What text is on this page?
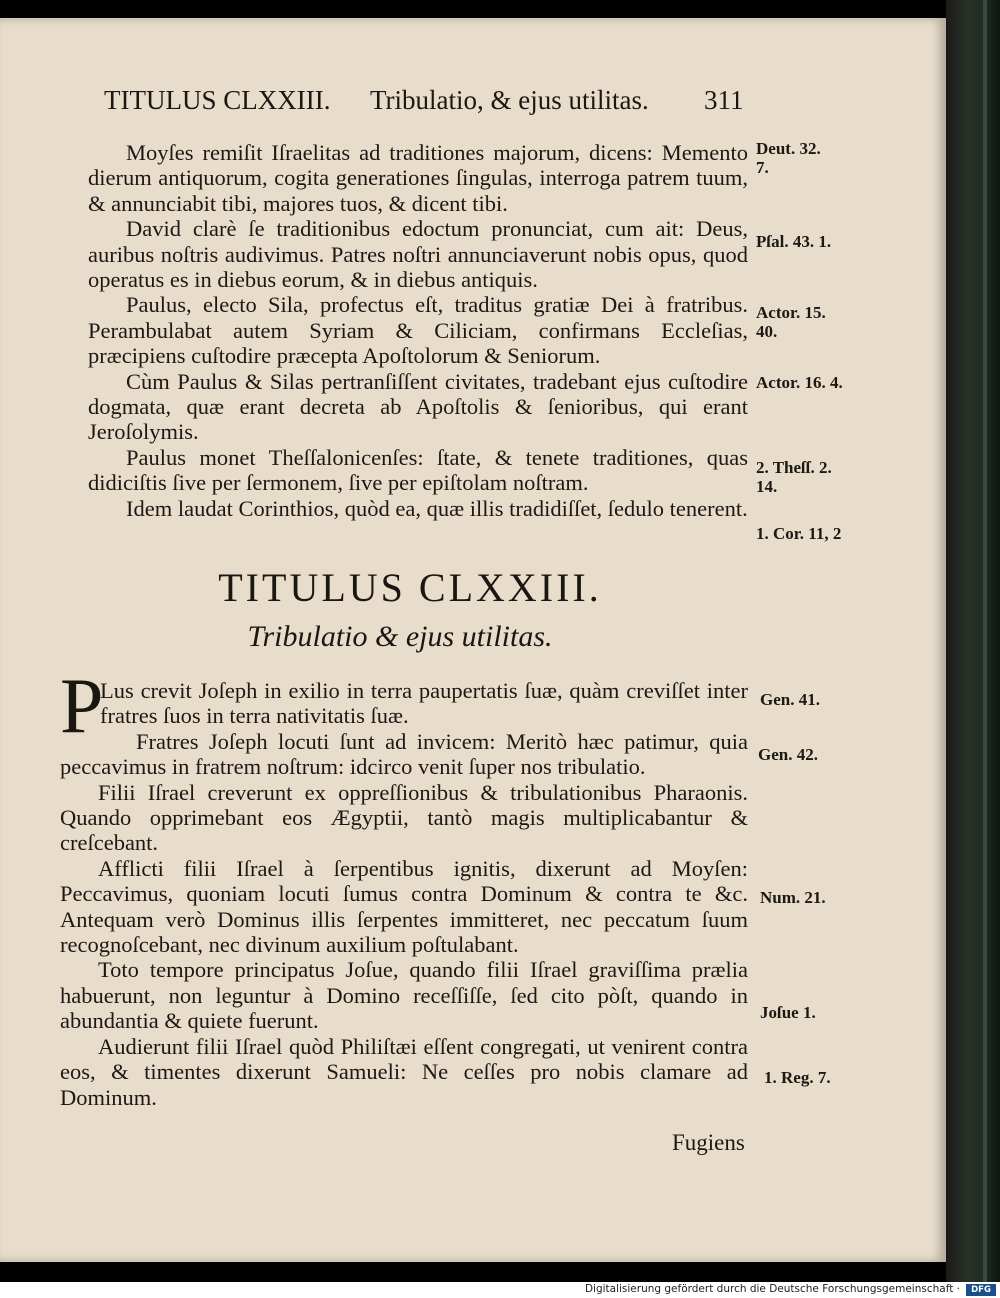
TITULUS CLXXIII. Tribulatio, & ejus utilitas. 311

Moyſes remiſit Iſraelitas ad traditiones majorum, dicens: Memento dierum antiquorum, cogita generationes ſingulas, interroga patrem tuum, & annunciabit tibi, majores tuos, & dicent tibi.

David clarè ſe traditionibus edoctum pronunciat, cum ait: Deus, auribus noſtris audivimus. Patres noſtri annunciaverunt nobis opus, quod operatus es in diebus eorum, & in diebus antiquis.

Paulus, electo Sila, profectus eſt, traditus gratiæ Dei à fratribus. Perambulabat autem Syriam & Ciliciam, confirmans Eccleſias, præcipiens cuſtodire præcepta Apoſtolorum & Seniorum.

Cùm Paulus & Silas pertranſiſſent civitates, tradebant ejus cuſtodire dogmata, quæ erant decreta ab Apoſtolis & ſenioribus, qui erant Jeroſolymis.

Paulus monet Theſſalonicenſes: ſtate, & tenete traditiones, quas didiciſtis ſive per ſermonem, ſive per epiſtolam noſtram.

Idem laudat Corinthios, quòd ea, quæ illis tradidiſſet, ſedulo tenerent.

Deut. 32. 7.
Pſal. 43. 1.
Actor. 15. 40.
Actor. 16. 4.
2. Theſſ. 2. 14.
1. Cor. 11, 2
TITULUS CLXXIII.
Tribulatio & ejus utilitas.
P

Lus crevit Joſeph in exilio in terra paupertatis ſuæ, quàm creviſſet inter fratres ſuos in terra nativitatis ſuæ.

Fratres Joſeph locuti ſunt ad invicem: Meritò hæc patimur, quia peccavimus in fratrem noſtrum: idcirco venit ſuper nos tribulatio.

Filii Iſrael creverunt ex oppreſſionibus & tribulationibus Pharaonis. Quando opprimebant eos Ægyptii, tantò magis multiplicabantur & creſcebant.

Afflicti filii Iſrael à ſerpentibus ignitis, dixerunt ad Moyſen: Peccavimus, quoniam locuti ſumus contra Dominum & contra te &c. Antequam verò Dominus illis ſerpentes immitteret, nec peccatum ſuum recognoſcebant, nec divinum auxilium poſtulabant.

Toto tempore principatus Joſue, quando filii Iſrael graviſſima prælia habuerunt, non leguntur à Domino receſſiſſe, ſed cito pòſt, quando in abundantia & quiete fuerunt.

Audierunt filii Iſrael quòd Philiſtæi eſſent congregati, ut venirent contra eos, & timentes dixerunt Samueli: Ne ceſſes pro nobis clamare ad Dominum.

Gen. 41.
Gen. 42.
Num. 21.
Joſue 1.
1. Reg. 7.
Fugiens
Digitalisierung gefördert durch die Deutsche Forschungsgemeinschaft ·	DFG
